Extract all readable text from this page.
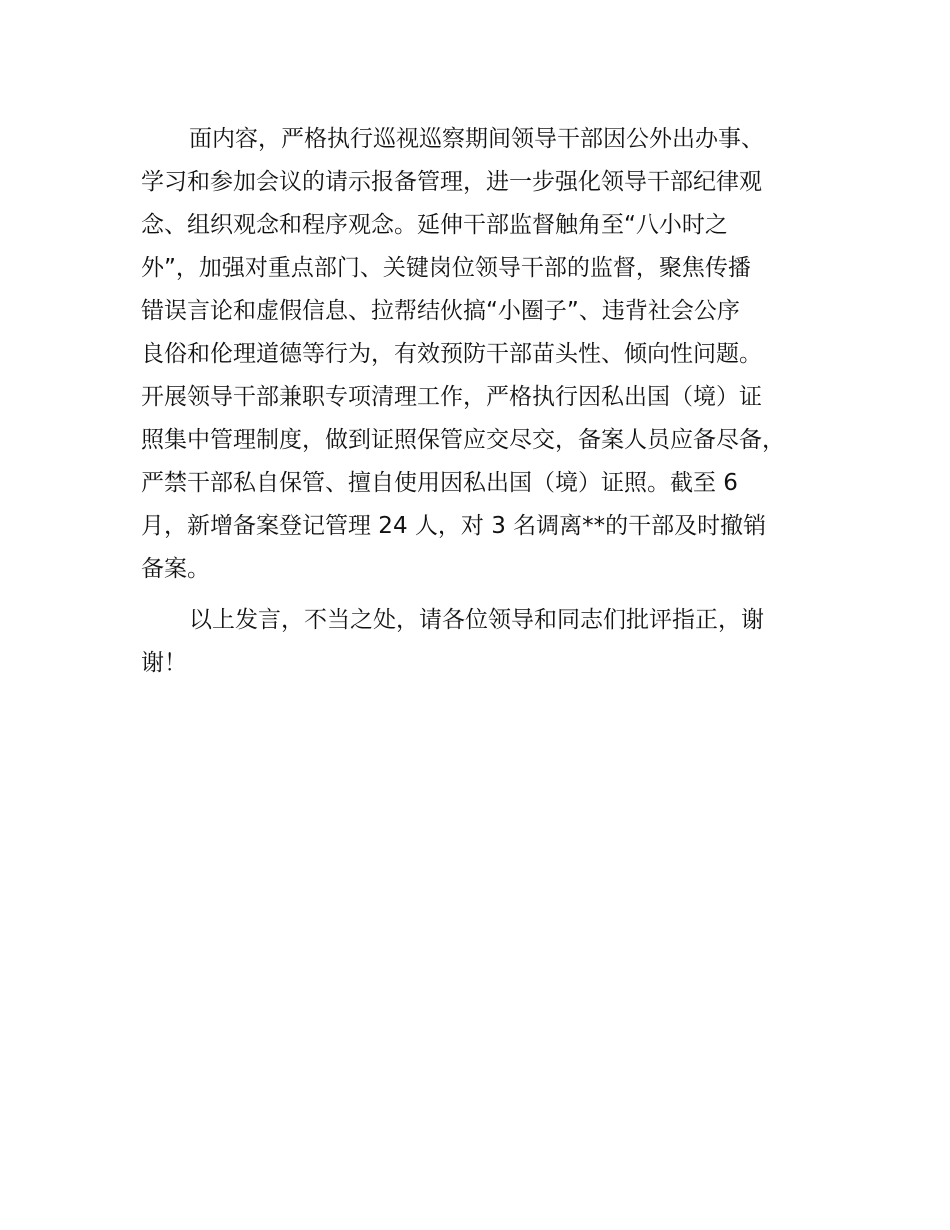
面内容，严格执行巡视巡察期间领导干部因公外出办事、
学习和参加会议的请示报备管理，进一步强化领导干部纪律观
念、组织观念和程序观念。延伸干部监督触角至“八小时之
外”，加强对重点部门、关键岗位领导干部的监督，聚焦传播
错误言论和虚假信息、拉帮结伙搞“小圈子”、违背社会公序
良俗和伦理道德等行为，有效预防干部苗头性、倾向性问题。
开展领导干部兼职专项清理工作，严格执行因私出国（境）证
照集中管理制度，做到证照保管应交尽交，备案人员应备尽备，
严禁干部私自保管、擅自使用因私出国（境）证照。截至 6
月，新增备案登记管理 24 人，对 3 名调离**的干部及时撤销
备案。
以上发言，不当之处，请各位领导和同志们批评指正，谢
谢！
